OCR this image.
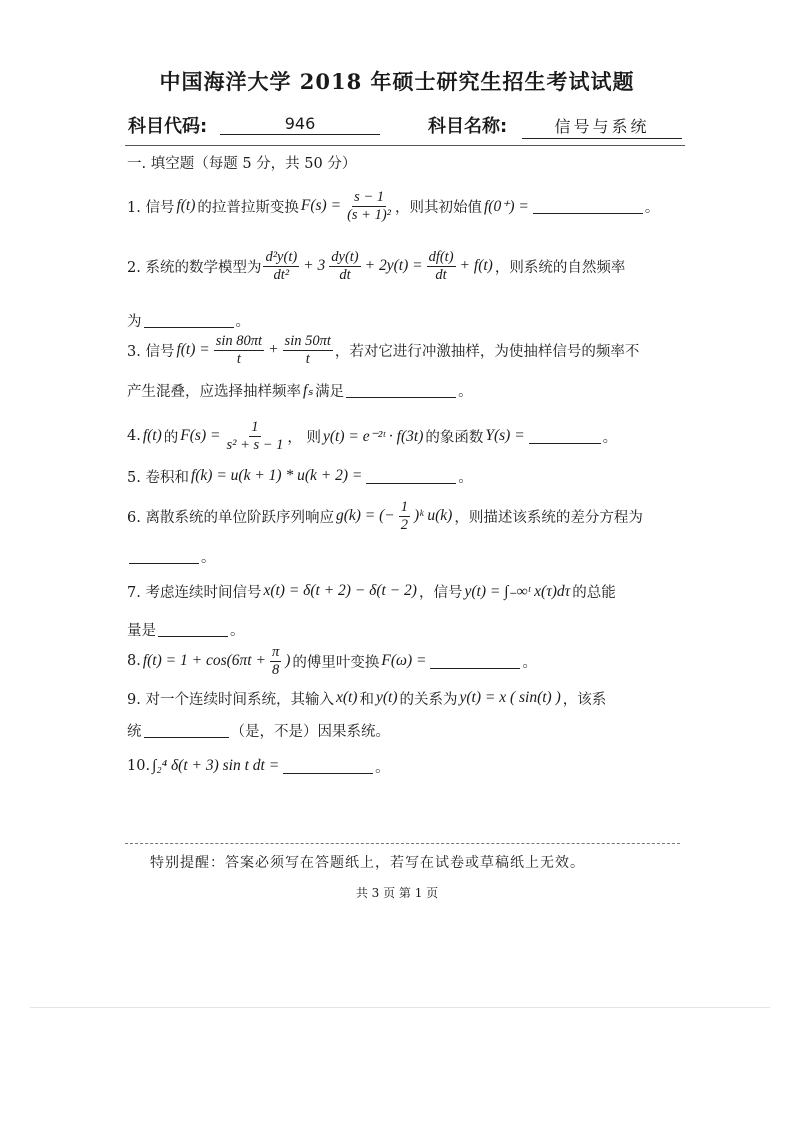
中国海洋大学 2018 年硕士研究生招生考试试题
科目代码:	946	科目名称:	信号与系统
一. 填空题（每题 5 分，共 50 分）
1. 信号 f(t) 的拉普拉斯变换 $F(s) = \frac{s - 1}{\text{(s + 1)²}}$ ，则其初始值 f(0⁺) =	。
2. 系统的数学模型为 $\frac{\text{d²y(t)}}{\text{dt²}} + 3 \frac{dy(t)}{dt} + 2y(t) = \frac{df(t)}{dt} + f(t)$ ，则系统的自然频率
为	。
3. 信号 $f(t) = \frac{\sin 80\pi t}{t} + \frac{\sin 50\pi t}{t}$ ，若对它进行冲激抽样，为使抽样信号的频率不
产生混叠，应选择抽样频率 fₛ 满足	。
4. f(t) 的 $F(s) = \frac{1}{\text{s² + s − 1}}$ ， 则 y(t) = e⁻²ᵗ · f(3t) 的象函数 Y(s) =	。
5. 卷积和 f(k) = u(k + 1) * u(k + 2) =	。
6. 离散系统的单位阶跃序列响应 g(k) = (− $\frac{1}{2}$ )ᵏ u(k) ，则描述该系统的差分方程为
。
7. 考虑连续时间信号 x(t) = δ(t + 2) − δ(t − 2) ，信号 y(t) = ∫₋∞ᵗ x(τ)dτ 的总能
量是	。
8. $f(t) = 1 + \cos(6\pi t + \frac{\pi}{8}$ ) 的傅里叶变换 F(ω) =	。
9. 对一个连续时间系统，其输入 x(t) 和 y(t) 的关系为 y(t) = x ( sin(t) ) ，该系
统	（是，不是）因果系统。
10. ∫₂⁴ δ(t + 3) sin t dt =	。
特别提醒：答案必须写在答题纸上，若写在试卷或草稿纸上无效。
共 3 页 第 1 页
